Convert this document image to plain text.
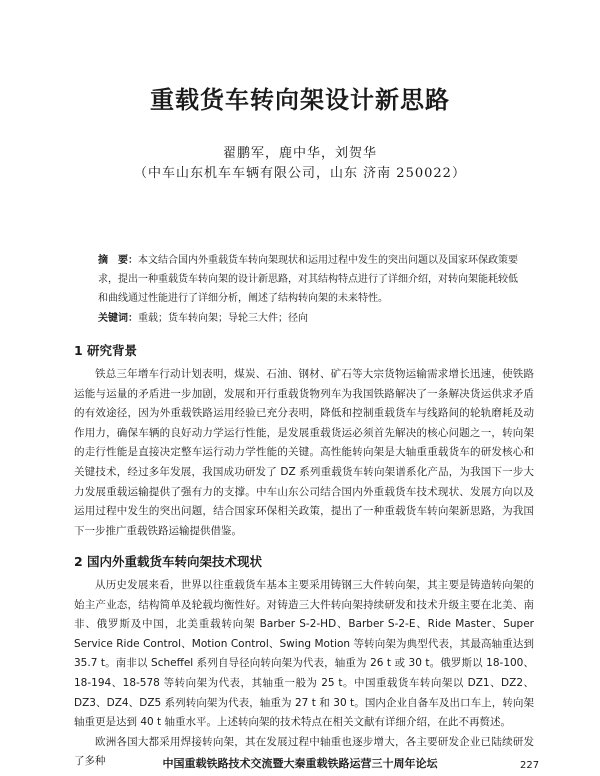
重载货车转向架设计新思路
翟鹏军，鹿中华，刘贺华
（中车山东机车车辆有限公司，山东 济南 250022）
摘　要：本文结合国内外重载货车转向架现状和运用过程中发生的突出问题以及国家环保政策要求，提出一种重载货车转向架的设计新思路，对其结构特点进行了详细介绍，对转向架能耗较低和曲线通过性能进行了详细分析，阐述了结构转向架的未来特性。
关键词：重载；货车转向架；导轮三大件；径向
1 研究背景
铁总三年增车行动计划表明，煤炭、石油、钢材、矿石等大宗货物运输需求增长迅速，使铁路运能与运量的矛盾进一步加剧，发展和开行重载货物列车为我国铁路解决了一条解决货运供求矛盾的有效途径，因为外重载铁路运用经验已充分表明，降低和控制重载货车与线路间的轮轨磨耗及动作用力，确保车辆的良好动力学运行性能，是发展重载货运必须首先解决的核心问题之一，转向架的走行性能是直接决定整车运行动力学性能的关键。高性能转向架是大轴重重载货车的研发核心和关键技术，经过多年发展，我国成功研发了 DZ 系列重载货车转向架谱系化产品，为我国下一步大力发展重载运输提供了强有力的支撑。中车山东公司结合国内外重载货车技术现状、发展方向以及运用过程中发生的突出问题，结合国家环保相关政策，提出了一种重载货车转向架新思路，为我国下一步推广重载铁路运输提供借鉴。
2 国内外重载货车转向架技术现状
从历史发展来看，世界以往重载货车基本主要采用铸钢三大件转向架，其主要是铸造转向架的始主产业态，结构简单及轮载均衡性好。对铸造三大件转向架持续研发和技术升级主要在北美、南非、俄罗斯及中国，北美重载转向架 Barber S-2-HD、Barber S-2-E、Ride Master、Super Service Ride Control、Motion Control、Swing Motion 等转向架为典型代表，其最高轴重达到 35.7 t。南非以 Scheffel 系列自导径向转向架为代表，轴重为 26 t 或 30 t。俄罗斯以 18-100、18-194、18-578 等转向架为代表，其轴重一般为 25 t。中国重载货车转向架以 DZ1、DZ2、DZ3、DZ4、DZ5 系列转向架为代表，轴重为 27 t 和 30 t。国内企业自备车及出口车上，转向架轴重更是达到 40 t 轴重水平。上述转向架的技术特点在相关文献有详细介绍，在此不再赘述。
欧洲各国大都采用焊接转向架，其在发展过程中轴重也逐步增大，各主要研发企业已陆续研发了多种	中国重载铁路技术交流暨大秦重载铁路运营三十周年论坛	227
